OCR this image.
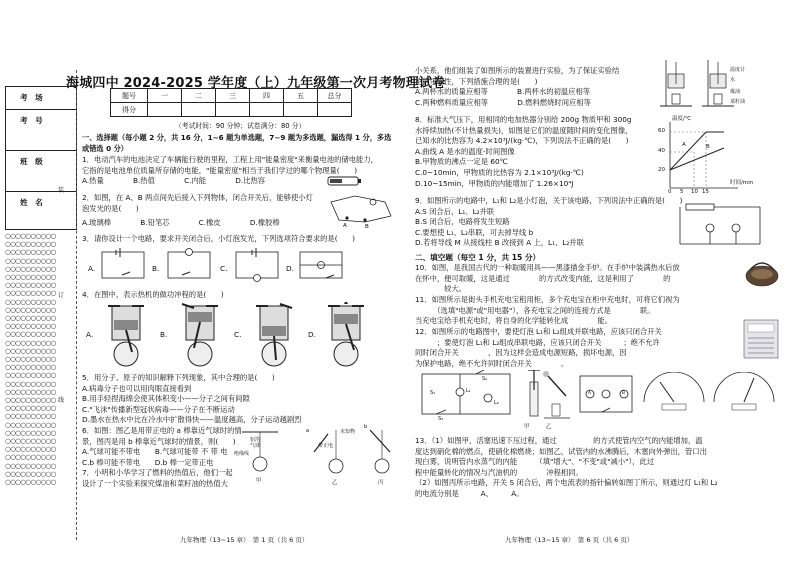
考　场
考　号
班　级
姓　名
○○○○○○○○○○
○○○○○○○○○○
○○○○○○○○○○
○○○○○○○○○○
○○○○○○○○○○
○○○○○○○○○○
○○○○○○○○○○
○○○○○○○○○○
○○○○○○○○○○
○○○○○○○○○○
○○○○○○○○○○
○○○○○○○○○○
○○○○○○○○○○
○○○○○○○○○○
○○○○○○○○○○
○○○○○○○○○○
○○○○○○○○○○
○○○○○○○○○○
○○○○○○○○○○
○○○○○○○○○○
○○○○○○○○○○
○○○○○○○○○○
○○○○○○○○○○
○○○○○○○○○○
○○○○○○○○○○
○○○○○○○○○○
○○○○○○○○○○
○○○○○○○○○○
○○○○○○○○○○
○○○○○○○○○○
○○○○○○○○○○
装
订
线
海城四中 2024-2025 学年度（上）九年级第一次月考物理试卷
题号	一	二	三	四	五	总分
得分						
（考试时间：90 分钟；试卷满分：80 分）
一、选择题（每小题 2 分，共 16 分，1~6 题为单选题，7~9 题为多选题，漏选得 1 分，多选或错选 0 分）
1．电动汽车的电池决定了车辆能行驶的里程，工程上用"能量密度"来衡量电池的储电能力，
它指的是电池单位质量所存储的电能，"能量密度"相当于我们学过的哪个物理量(　　)
A.热量　　　　B.热值　　　　C.内能　　　　D.比热容
2．如图，在 A、B 两点间先后接入下列物体，闭合开关后，能够使小灯
泡发光的是(　　)
A.玻璃棒　　　　B.铅笔芯　　　　C.橡皮　　　　D.橡胶棒	A	B
3．请你设计一个电路，要求开关闭合后，小灯泡发光，下列选项符合要求的是(　　)
A.	B.	C.	D.
4．在图中，表示热机的做功冲程的是(　　)
A.	B.	C.	D.
5．用分子、原子的知识解释下列现象，其中合理的是(　　)
A.病毒分子也可以用肉眼直接看到
B.用手轻捏海绵会使其体积变小——分子之间有间隙
C."飞沫"传播新型冠状病毒——分子在不断运动
D.墨水在热水中比在冷水中扩散得快——温度越高，分子运动越剧烈
6．如图：图乙是用带正电的 a 棒靠近气球时的情
景，图丙是用 b 棒靠近气球时的情景，则(　　)
A.气球可能不带电　　B.气球可能带 不 带 电
C.b 棒可能不带电　　D.b 棒一定带正电
7．小明和小华学习了燃料的热值后，他们一起
设计了一个实验来探究煤油和菜籽油的热值大
铝箔
气球
绝缘线
未知物
带正电
a
b
甲	乙	丙
九年物理（13~15 章）　第 1 页（共 6 页）
小关系，他们组装了如图所示的装置进行实验，为了保证实验结
论的可靠性，下列措施合理的是(　　)
A.两杯水的质量应相等　　　　B.两杯水的初温应相等
C.两种燃料质量应相等　　　　D.燃料燃烧时间应相等
温度计
水
煤油
菜籽油
8．标准大气压下，用相同的电加热器分别给 200g 物质甲和 300g
水持续加热(不计热量损失)，如图是它们的温度随时间的变化图像，
已知水的比热容为 4.2×10³J/(kg·℃)，下列说法不正确的是(　　)
A.曲线 A 是水的温度-时间图像
B.甲物质的沸点一定是 60℃
C.0~10min，甲物质的比热容为 2.1×10³J/(kg·℃)
D.10~15min，甲物质的内能增加了 1.26×10⁴J
温度/℃
60
40
20
0 5 10 15
时间/min
A	B
9．如图所示的电路中，L₁和 L₂是小灯泡，关于该电路，下列说法中正确的是(　　)
A.S 闭合后，L₁、L₂并联
B.S 闭合后，电路将发生短路
C.要想使 L₁、L₂串联，可去掉导线 b
D.若将导线 M 从接线柱 B 改接到 A 上，L₁、L₂并联
二、填空题（每空 1 分，共 15 分）
10．如图，是我国古代的一种取暖用具——黑漆描金手炉。在手炉中装满热水后放
在怀中，便可取暖，这是通过　　　　的方式改变内能，这是利用了　　　　的
　　　　较大。
11．如图所示是街头手机充电宝租用柜，多个充电宝在柜中充电时，可将它们视为
　　　（选填"电源"或"用电器"），各充电宝之间的连接方式是　　　　联。
当充电宝给手机充电时，将自身的化学能转化成　　　　能。
12．如图所示的电路图中，要使灯泡 L₁和 L₂组成并联电路，应该只闭合开关
　　　；要使灯泡 L₁和 L₂组成串联电路，应该只闭合开关　　　；绝不允许
同时闭合开关　　　　，因为这样会造成电源短路，损坏电源，因
为保护电路，绝不允许同时闭合开关　　　　。
S₁
S₂
S₃
L₁
L₂
A	B
甲	乙
13．（1）如图甲，活塞迅速下压过程，通过　　　　　的方式使管内空气的内能增加，温
度达到硝化棉的燃点，使硝化棉燃烧；如图乙，试管内的水沸腾后，木塞向外弹出，管口出
现白雾，说明管内水蒸气的内能　　　（填"增大"、"不变"或"减小"），此过
程中能量转化的情况与汽油机的　　　　冲程相同。
（2）如图丙所示电路，开关 S 闭合后，两个电流表的指针偏转如图丁所示，则通过灯 L₁和 L₂
的电流分别是　　　A、　　　A。
九年物理（13~15 章）　第 6 页（共 6 页）
